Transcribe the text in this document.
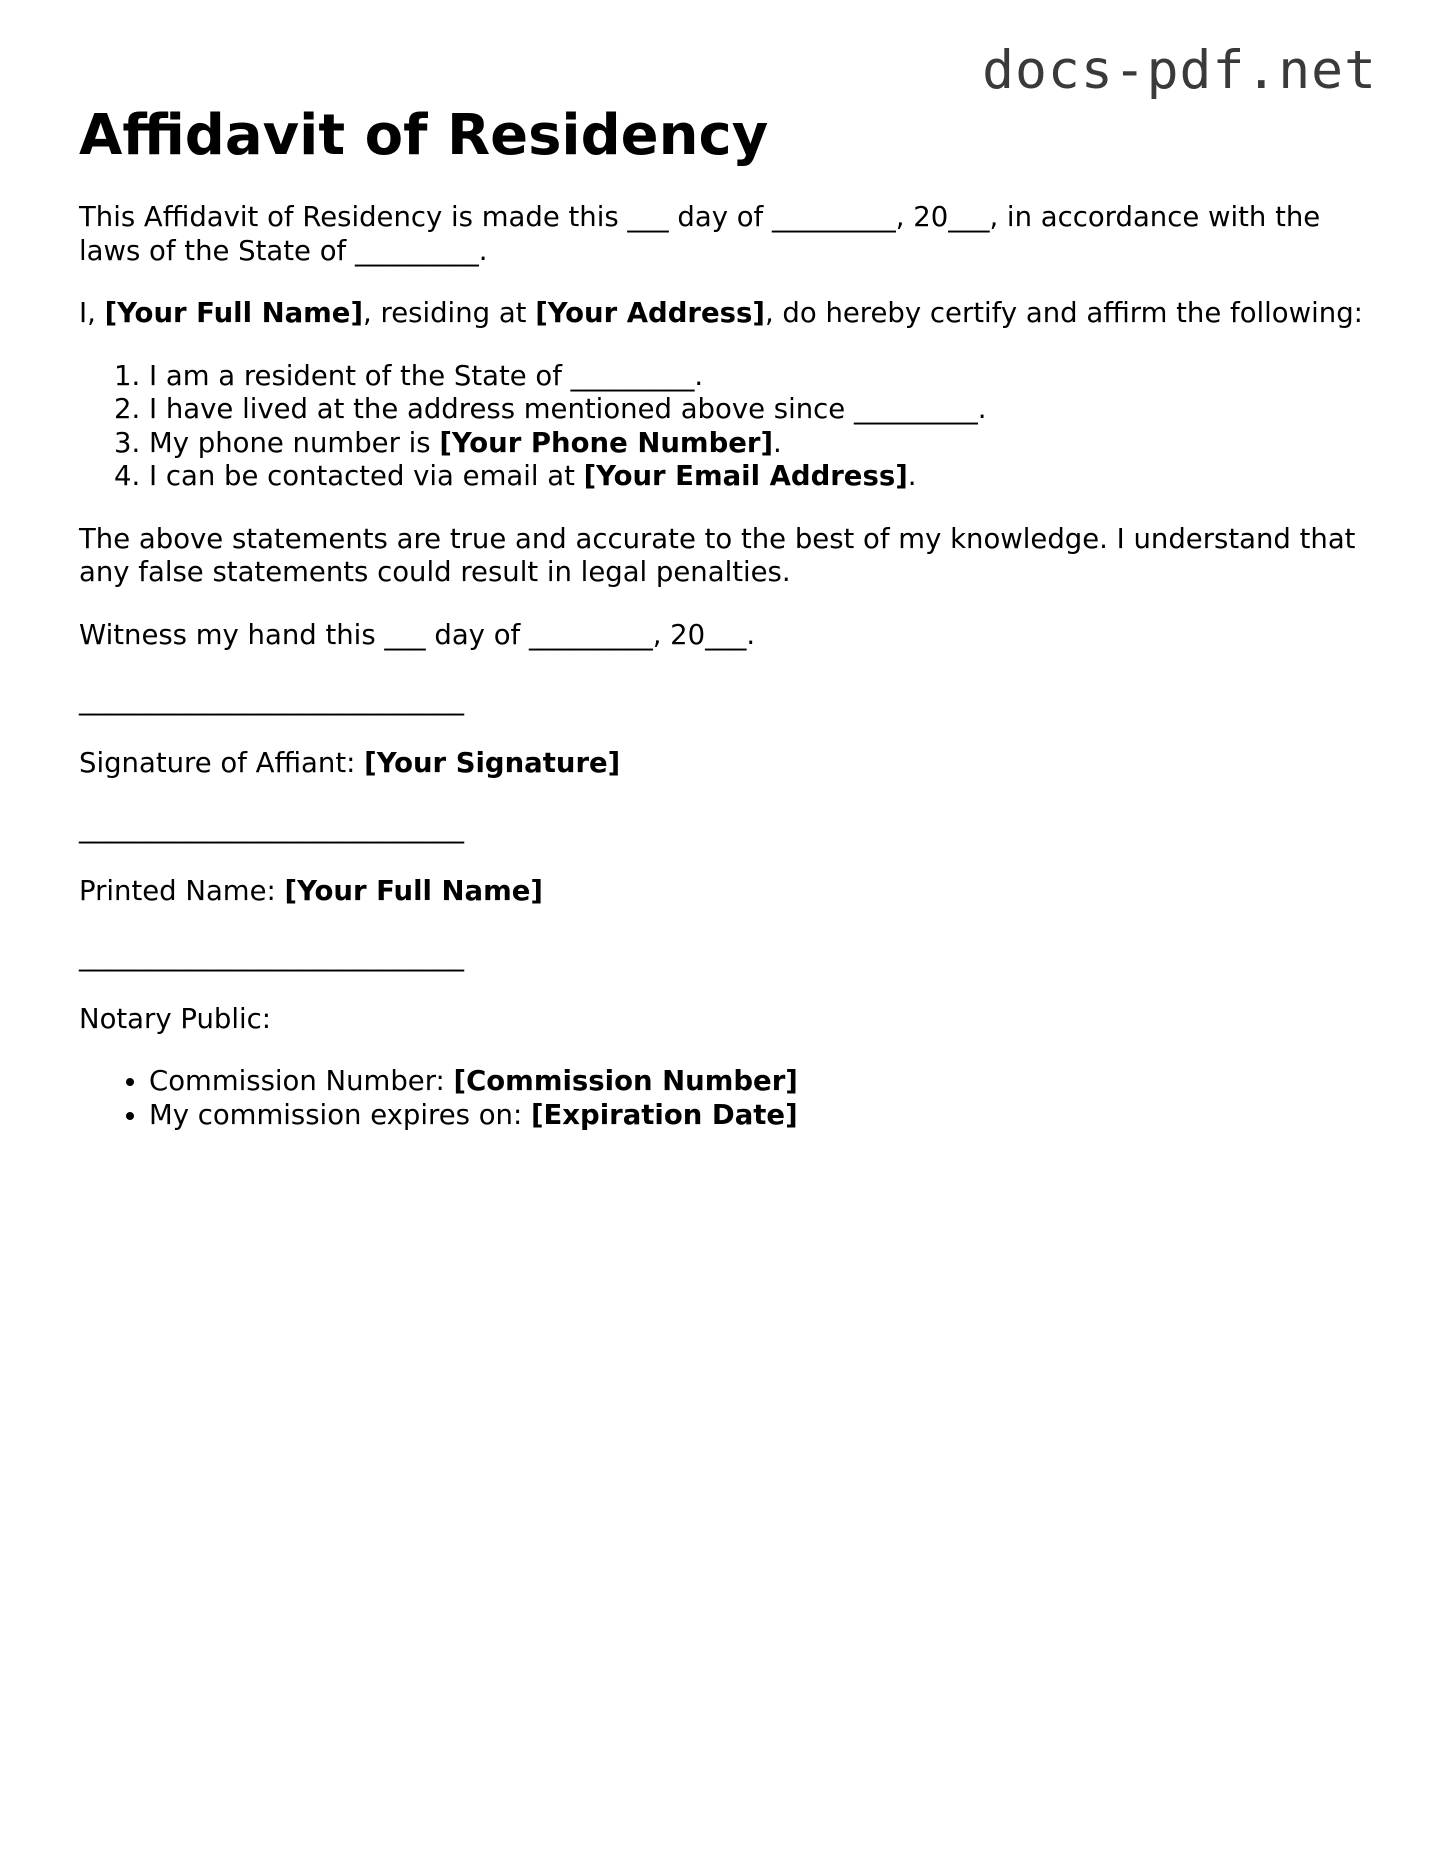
docs-pdf.net
Affidavit of Residency

This Affidavit of Residency is made this ___ day of _________, 20___, in accordance with the laws of the State of _________.

I, [Your Full Name], residing at [Your Address], do hereby certify and affirm the following:

1. I am a resident of the State of _________.
2. I have lived at the address mentioned above since _________.
3. My phone number is [Your Phone Number].
4. I can be contacted via email at [Your Email Address].

The above statements are true and accurate to the best of my knowledge. I understand that any false statements could result in legal penalties.

Witness my hand this ___ day of _________, 20___.

____________________________

Signature of Affiant: [Your Signature]

____________________________

Printed Name: [Your Full Name]

____________________________

Notary Public:

• Commission Number: [Commission Number]
• My commission expires on: [Expiration Date]
